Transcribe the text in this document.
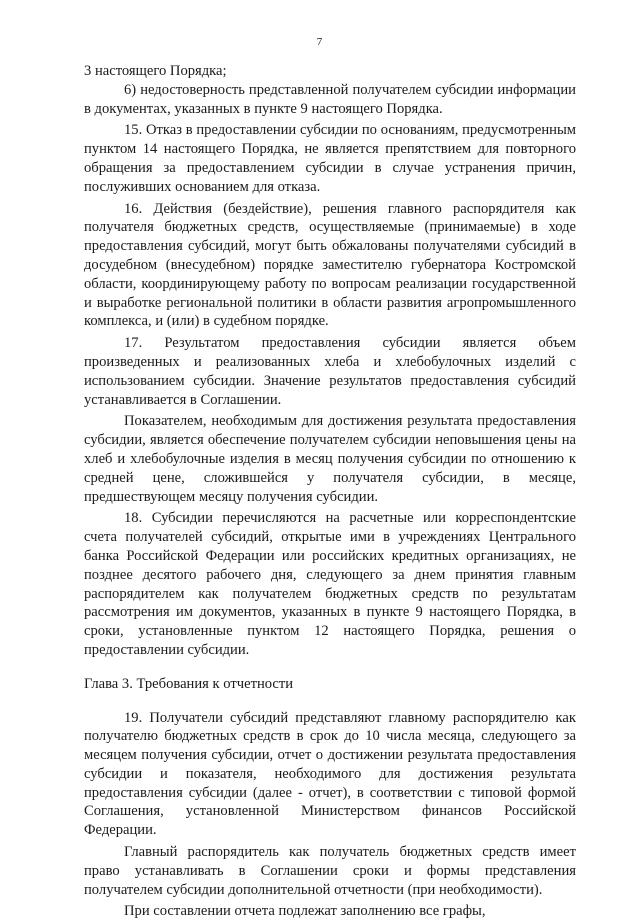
7

3 настоящего Порядка;

6) недостоверность представленной получателем субсидии информации в документах, указанных в пункте 9 настоящего Порядка.

15. Отказ в предоставлении субсидии по основаниям, предусмотренным пунктом 14 настоящего Порядка, не является препятствием для повторного обращения за предоставлением субсидии в случае устранения причин, послуживших основанием для отказа.

16. Действия (бездействие), решения главного распорядителя как получателя бюджетных средств, осуществляемые (принимаемые) в ходе предоставления субсидий, могут быть обжалованы получателями субсидий в досудебном (внесудебном) порядке заместителю губернатора Костромской области, координирующему работу по вопросам реализации государственной и выработке региональной политики в области развития агропромышленного комплекса, и (или) в судебном порядке.

17. Результатом предоставления субсидии является объем произведенных и реализованных хлеба и хлебобулочных изделий с использованием субсидии. Значение результатов предоставления субсидий устанавливается в Соглашении.

Показателем, необходимым для достижения результата предоставления субсидии, является обеспечение получателем субсидии неповышения цены на хлеб и хлебобулочные изделия в месяц получения субсидии по отношению к средней цене, сложившейся у получателя субсидии, в месяце, предшествующем месяцу получения субсидии.

18. Субсидии перечисляются на расчетные или корреспондентские счета получателей субсидий, открытые ими в учреждениях Центрального банка Российской Федерации или российских кредитных организациях, не позднее десятого рабочего дня, следующего за днем принятия главным распорядителем как получателем бюджетных средств по результатам рассмотрения им документов, указанных в пункте 9 настоящего Порядка, в сроки, установленные пунктом 12 настоящего Порядка, решения о предоставлении субсидии.

Глава 3. Требования к отчетности

19. Получатели субсидий представляют главному распорядителю как получателю бюджетных средств в срок до 10 числа месяца, следующего за месяцем получения субсидии, отчет о достижении результата предоставления субсидии и показателя, необходимого для достижения результата предоставления субсидии (далее - отчет), в соответствии с типовой формой Соглашения, установленной Министерством финансов Российской Федерации.

Главный распорядитель как получатель бюджетных средств имеет право устанавливать в Соглашении сроки и формы представления получателем субсидии дополнительной отчетности (при необходимости).

При составлении отчета подлежат заполнению все графы,
